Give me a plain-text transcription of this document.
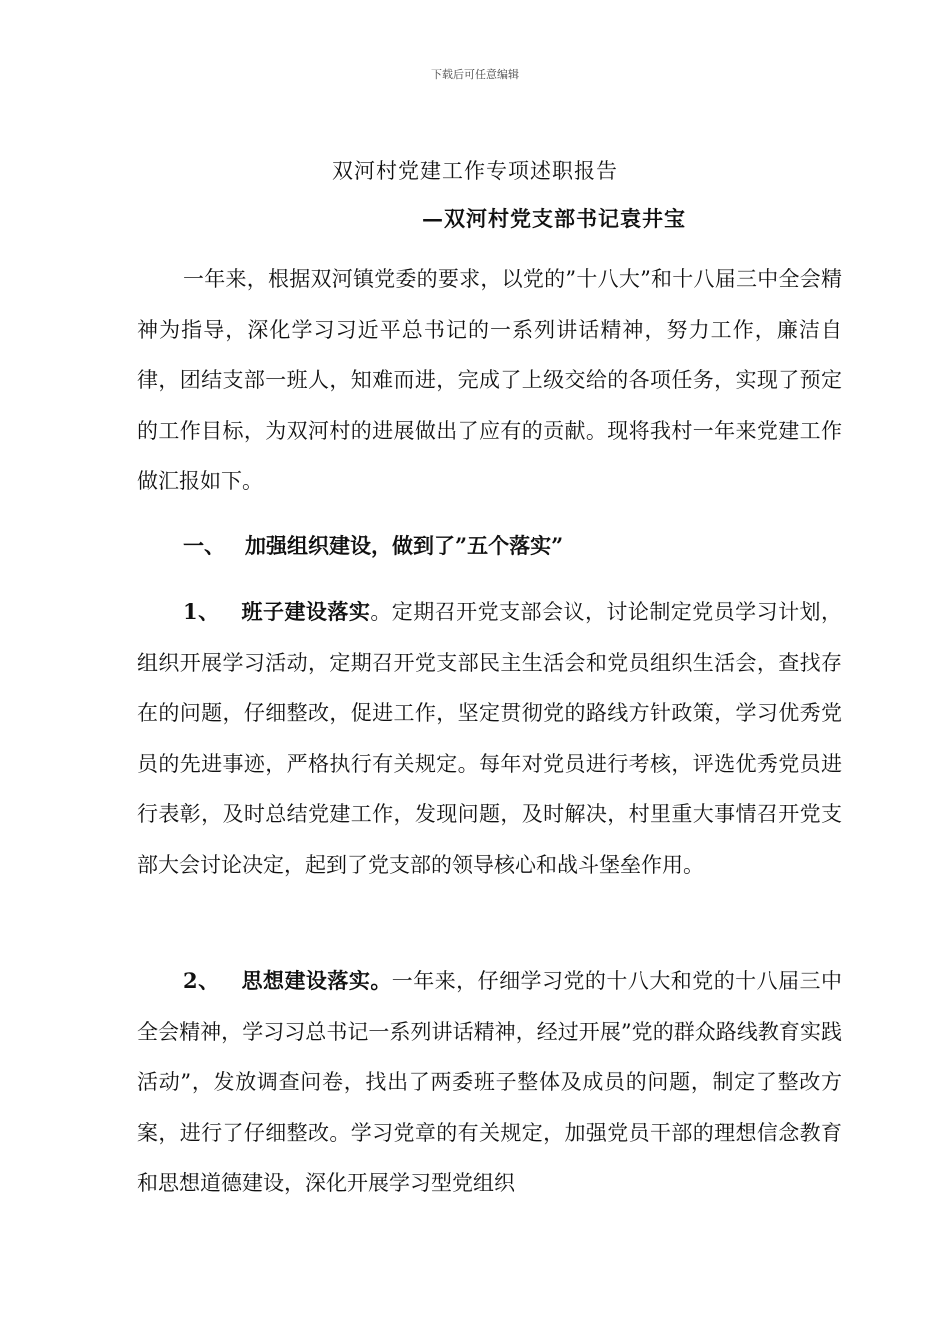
下载后可任意编辑
双河村党建工作专项述职报告
—双河村党支部书记袁井宝
一年来，根据双河镇党委的要求，以党的”十八大”和十八届三中全会精神为指导，深化学习习近平总书记的一系列讲话精神，努力工作，廉洁自律，团结支部一班人，知难而进，完成了上级交给的各项任务，实现了预定的工作目标，为双河村的进展做出了应有的贡献。现将我村一年来党建工作做汇报如下。
一、 加强组织建设，做到了”五个落实”
1、 班子建设落实。定期召开党支部会议，讨论制定党员学习计划，组织开展学习活动，定期召开党支部民主生活会和党员组织生活会，查找存在的问题，仔细整改，促进工作，坚定贯彻党的路线方针政策，学习优秀党员的先进事迹，严格执行有关规定。每年对党员进行考核，评选优秀党员进行表彰，及时总结党建工作，发现问题，及时解决，村里重大事情召开党支部大会讨论决定，起到了党支部的领导核心和战斗堡垒作用。
2、 思想建设落实。一年来，仔细学习党的十八大和党的十八届三中全会精神，学习习总书记一系列讲话精神，经过开展”党的群众路线教育实践活动”，发放调查问卷，找出了两委班子整体及成员的问题，制定了整改方案，进行了仔细整改。学习党章的有关规定，加强党员干部的理想信念教育和思想道德建设，深化开展学习型党组织
